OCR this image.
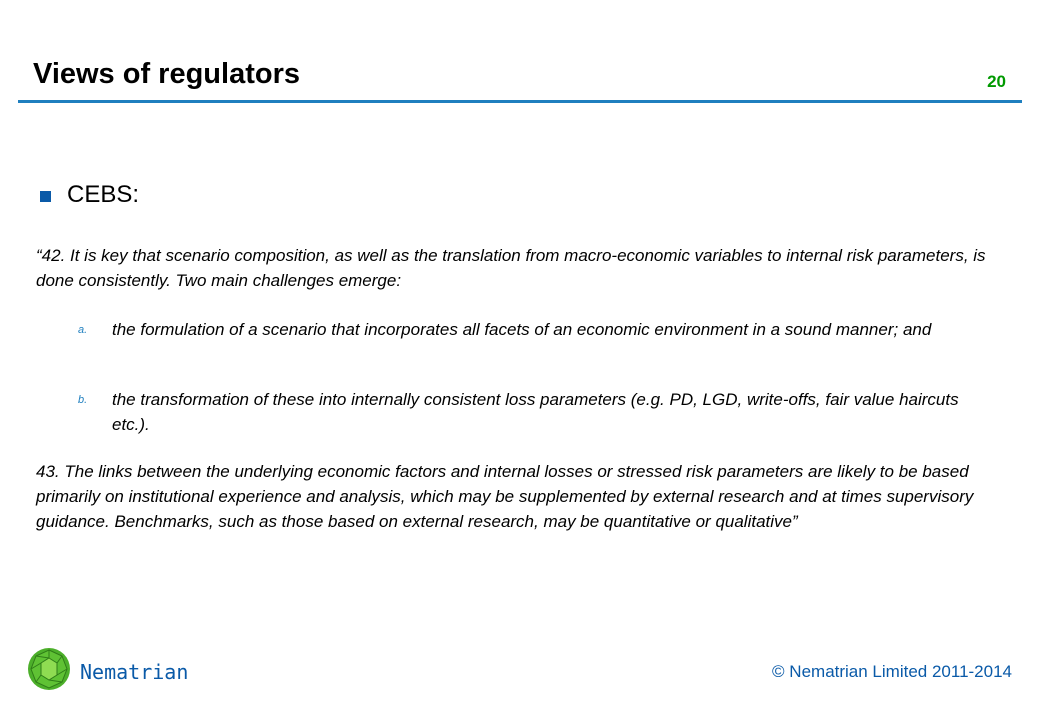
Views of regulators	20
CEBS:
“42. It is key that scenario composition, as well as the translation from macro-economic variables to internal risk parameters, is done consistently. Two main challenges emerge:
a.	the formulation of a scenario that incorporates all facets of an economic environment in a sound manner; and
b.	the transformation of these into internally consistent loss parameters (e.g. PD, LGD, write-offs, fair value haircuts etc.).
43. The links between the underlying economic factors and internal losses or stressed risk parameters are likely to be based primarily on institutional experience and analysis, which may be supplemented by external research and at times supervisory guidance. Benchmarks, such as those based on external research, may be quantitative or qualitative”
Nematrian	© Nematrian Limited 2011-2014
